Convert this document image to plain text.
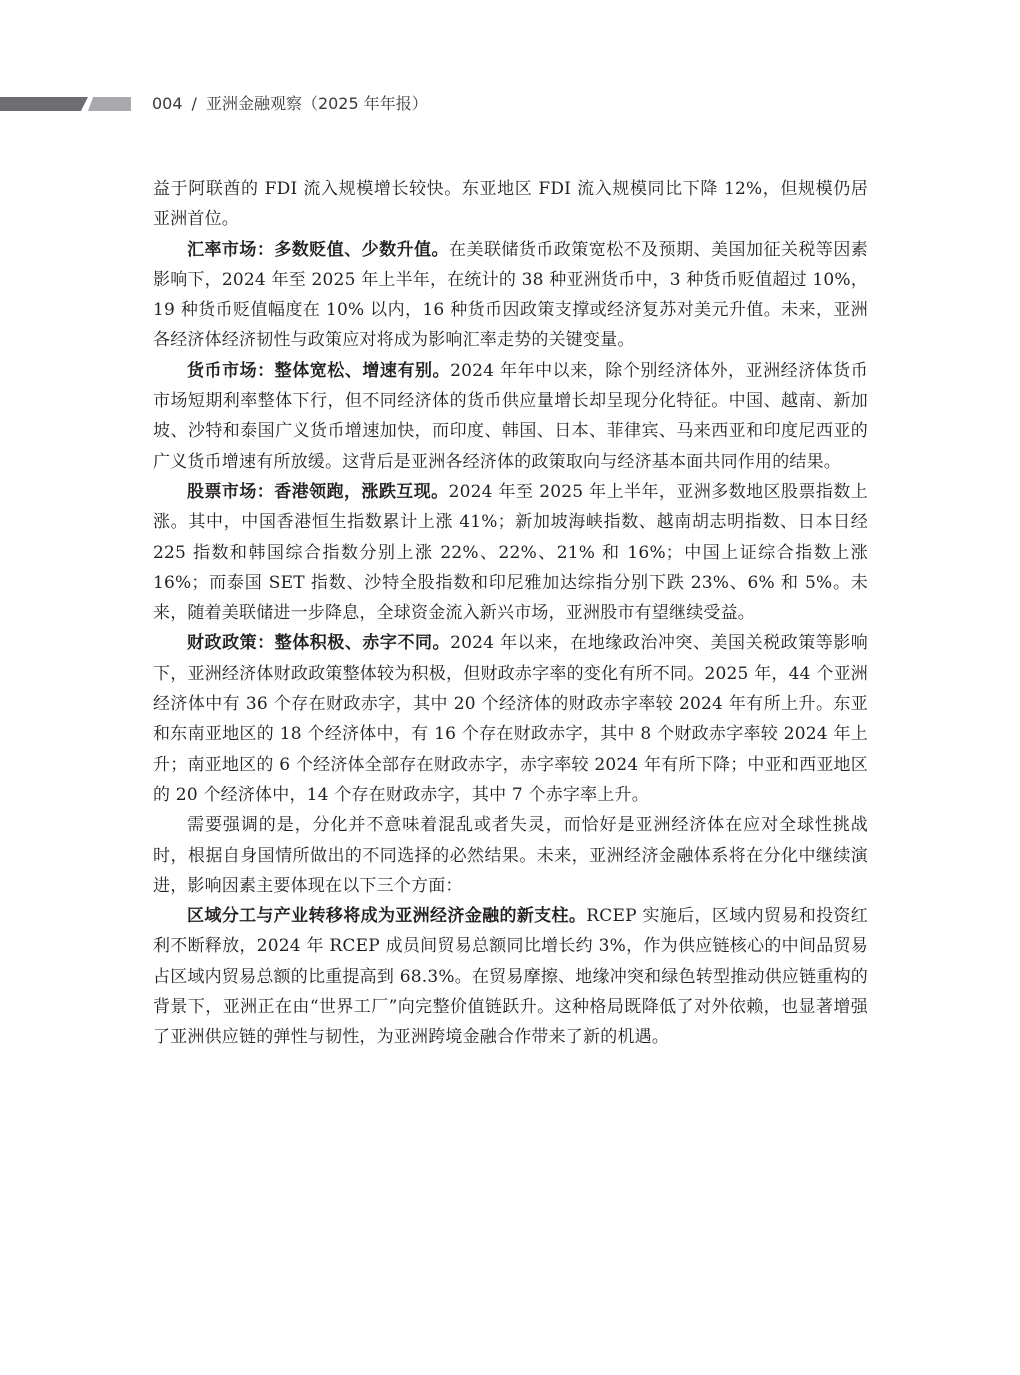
004 / 亚洲金融观察（2025 年年报）

益于阿联酋的 FDI 流入规模增长较快。东亚地区 FDI 流入规模同比下降 12%，但规模仍居亚洲首位。

汇率市场：多数贬值、少数升值。在美联储货币政策宽松不及预期、美国加征关税等因素影响下，2024 年至 2025 年上半年，在统计的 38 种亚洲货币中，3 种货币贬值超过 10%，19 种货币贬值幅度在 10% 以内，16 种货币因政策支撑或经济复苏对美元升值。未来，亚洲各经济体经济韧性与政策应对将成为影响汇率走势的关键变量。

货币市场：整体宽松、增速有别。2024 年年中以来，除个别经济体外，亚洲经济体货币市场短期利率整体下行，但不同经济体的货币供应量增长却呈现分化特征。中国、越南、新加坡、沙特和泰国广义货币增速加快，而印度、韩国、日本、菲律宾、马来西亚和印度尼西亚的广义货币增速有所放缓。这背后是亚洲各经济体的政策取向与经济基本面共同作用的结果。

股票市场：香港领跑，涨跌互现。2024 年至 2025 年上半年，亚洲多数地区股票指数上涨。其中，中国香港恒生指数累计上涨 41%；新加坡海峡指数、越南胡志明指数、日本日经 225 指数和韩国综合指数分别上涨 22%、22%、21% 和 16%；中国上证综合指数上涨 16%；而泰国 SET 指数、沙特全股指数和印尼雅加达综指分别下跌 23%、6% 和 5%。未来，随着美联储进一步降息，全球资金流入新兴市场，亚洲股市有望继续受益。

财政政策：整体积极、赤字不同。2024 年以来，在地缘政治冲突、美国关税政策等影响下，亚洲经济体财政政策整体较为积极，但财政赤字率的变化有所不同。2025 年，44 个亚洲经济体中有 36 个存在财政赤字，其中 20 个经济体的财政赤字率较 2024 年有所上升。东亚和东南亚地区的 18 个经济体中，有 16 个存在财政赤字，其中 8 个财政赤字率较 2024 年上升；南亚地区的 6 个经济体全部存在财政赤字，赤字率较 2024 年有所下降；中亚和西亚地区的 20 个经济体中，14 个存在财政赤字，其中 7 个赤字率上升。

需要强调的是，分化并不意味着混乱或者失灵，而恰好是亚洲经济体在应对全球性挑战时，根据自身国情所做出的不同选择的必然结果。未来，亚洲经济金融体系将在分化中继续演进，影响因素主要体现在以下三个方面：

区域分工与产业转移将成为亚洲经济金融的新支柱。RCEP 实施后，区域内贸易和投资红利不断释放，2024 年 RCEP 成员间贸易总额同比增长约 3%，作为供应链核心的中间品贸易占区域内贸易总额的比重提高到 68.3%。在贸易摩擦、地缘冲突和绿色转型推动供应链重构的背景下，亚洲正在由“世界工厂”向完整价值链跃升。这种格局既降低了对外依赖，也显著增强了亚洲供应链的弹性与韧性，为亚洲跨境金融合作带来了新的机遇。
